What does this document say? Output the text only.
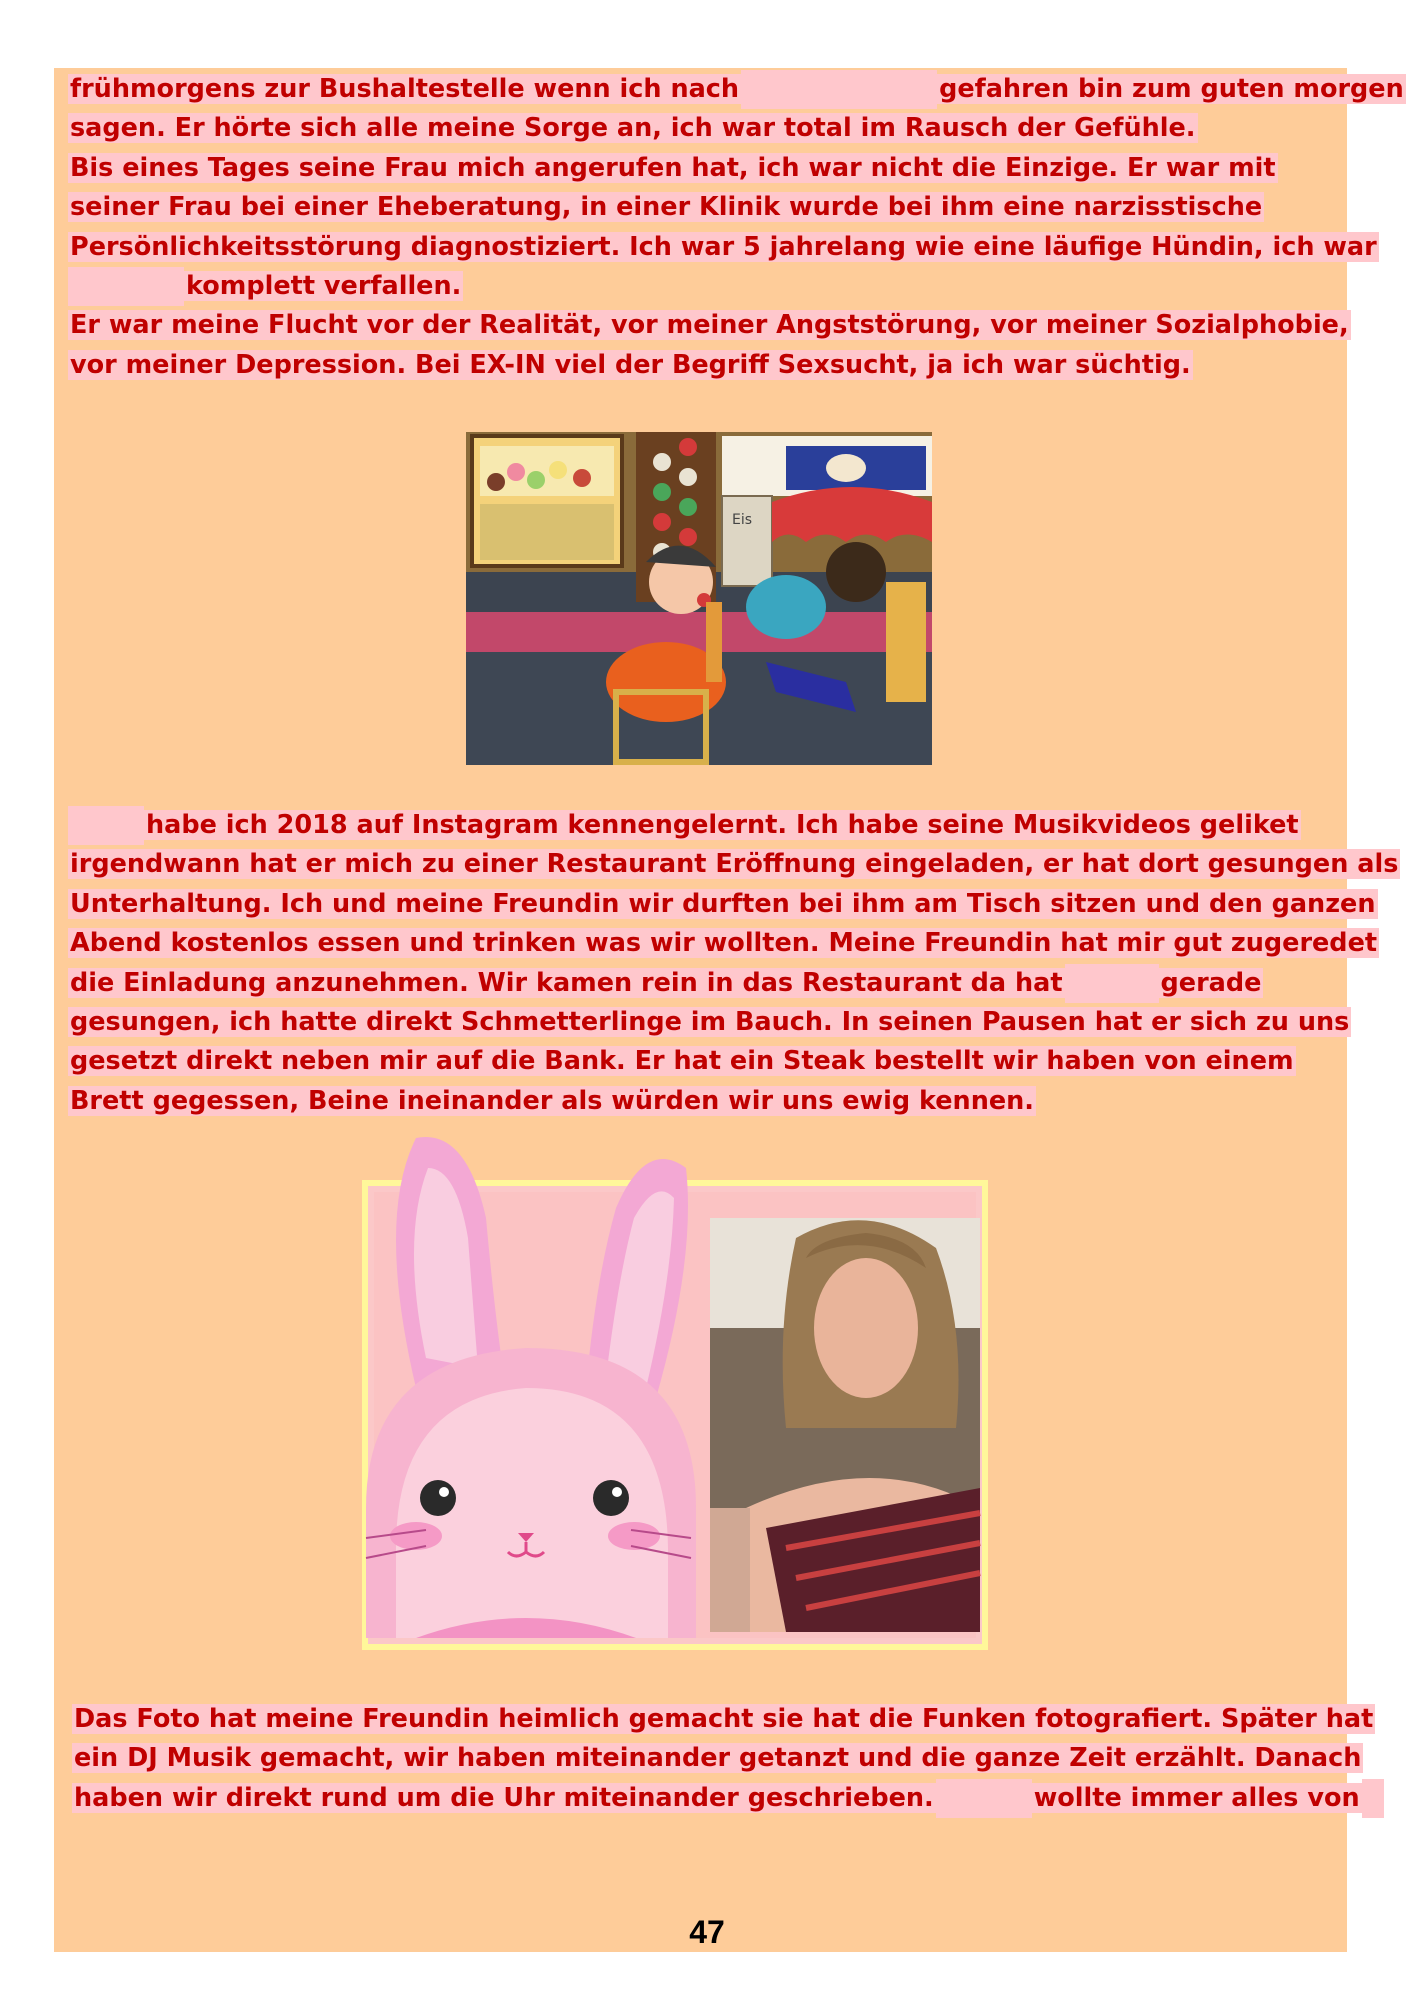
frühmorgens zur Bushaltestelle wenn ich nach	gefahren bin zum guten morgen
sagen. Er hörte sich alle meine Sorge an, ich war total im Rausch der Gefühle.
Bis eines Tages seine Frau mich angerufen hat, ich war nicht die Einzige. Er war mit
seiner Frau bei einer Eheberatung, in einer Klinik wurde bei ihm eine narzisstische
Persönlichkeitsstörung diagnostiziert. Ich war 5 jahrelang wie eine läufige Hündin, ich war
komplett verfallen.
Er war meine Flucht vor der Realität, vor meiner Angststörung, vor meiner Sozialphobie,
vor meiner Depression. Bei EX-IN viel der Begriff Sexsucht, ja ich war süchtig.
Eis
habe ich 2018 auf Instagram kennengelernt. Ich habe seine Musikvideos geliket
irgendwann hat er mich zu einer Restaurant Eröffnung eingeladen, er hat dort gesungen als
Unterhaltung. Ich und meine Freundin wir durften bei ihm am Tisch sitzen und den ganzen
Abend kostenlos essen und trinken was wir wollten. Meine Freundin hat mir gut zugeredet
die Einladung anzunehmen. Wir kamen rein in das Restaurant da hat	gerade
gesungen, ich hatte direkt Schmetterlinge im Bauch. In seinen Pausen hat er sich zu uns
gesetzt direkt neben mir auf die Bank. Er hat ein Steak bestellt wir haben von einem
Brett gegessen, Beine ineinander als würden wir uns ewig kennen.
Das Foto hat meine Freundin heimlich gemacht sie hat die Funken fotografiert. Später hat
ein DJ Musik gemacht, wir haben miteinander getanzt und die ganze Zeit erzählt. Danach
haben wir direkt rund um die Uhr miteinander geschrieben.	wollte immer alles von
47
